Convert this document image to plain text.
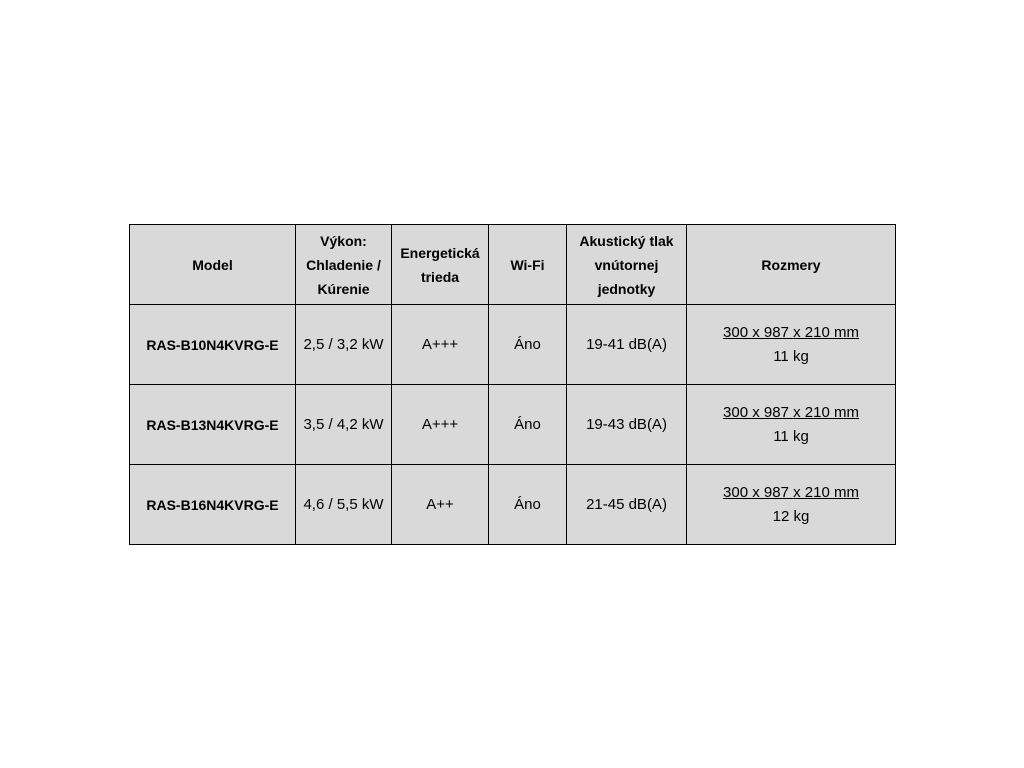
Model	Výkon:
Chladenie /
Kúrenie	Energetická
trieda	Wi-Fi	Akustický tlak
vnútornej
jednotky	Rozmery

RAS-B10N4KVRG-E	2,5 / 3,2 kW	A+++	Áno	19-41 dB(A)	300 x 987 x 210 mm
11 kg

RAS-B13N4KVRG-E	3,5 / 4,2 kW	A+++	Áno	19-43 dB(A)	300 x 987 x 210 mm
11 kg

RAS-B16N4KVRG-E	4,6 / 5,5 kW	A++	Áno	21-45 dB(A)	300 x 987 x 210 mm
12 kg
